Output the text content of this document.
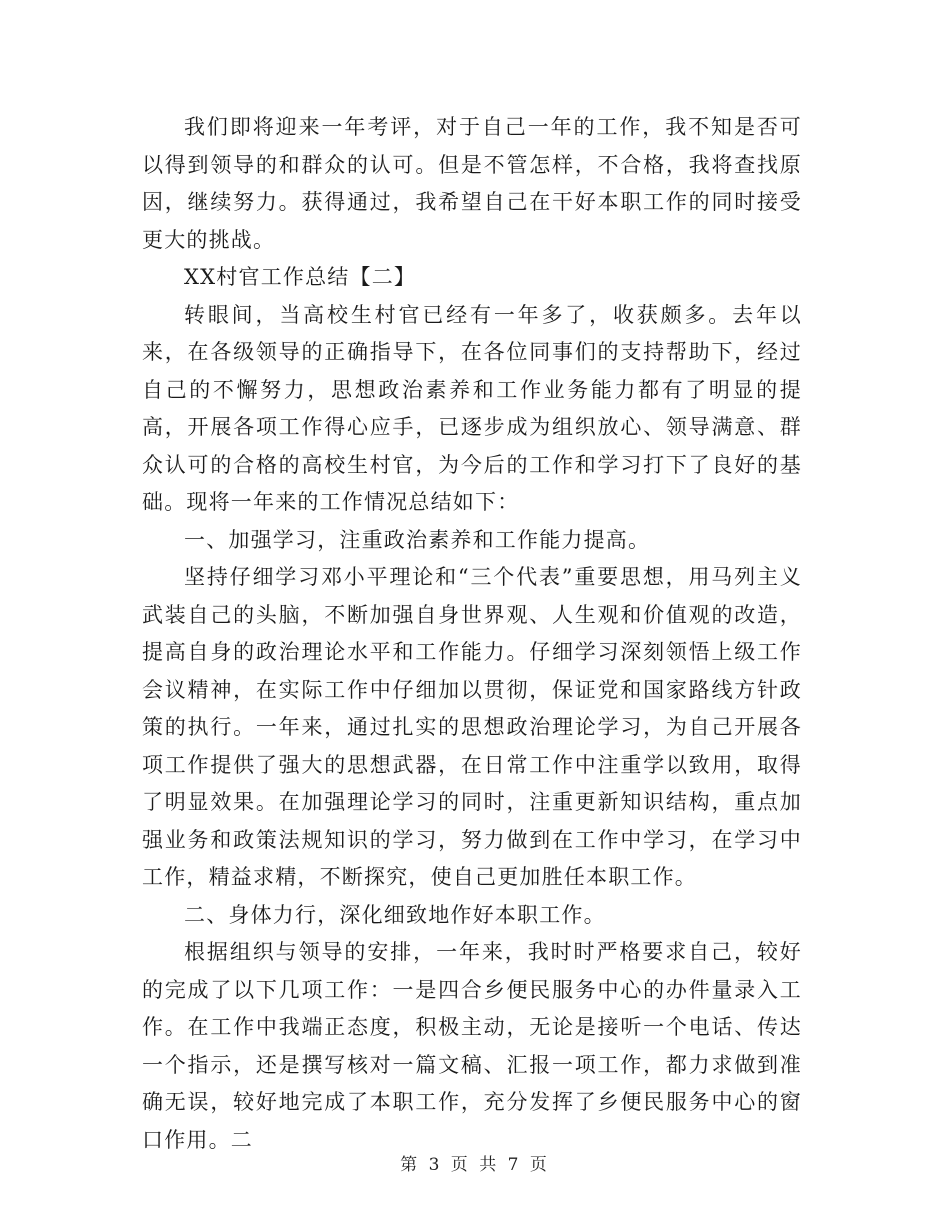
我们即将迎来一年考评，对于自己一年的工作，我不知是否可以得到领导的和群众的认可。但是不管怎样，不合格，我将查找原因，继续努力。获得通过，我希望自己在干好本职工作的同时接受更大的挑战。

XX村官工作总结【二】

转眼间，当高校生村官已经有一年多了，收获颇多。去年以来，在各级领导的正确指导下，在各位同事们的支持帮助下，经过自己的不懈努力，思想政治素养和工作业务能力都有了明显的提高，开展各项工作得心应手，已逐步成为组织放心、领导满意、群众认可的合格的高校生村官，为今后的工作和学习打下了良好的基础。现将一年来的工作情况总结如下：

一、加强学习，注重政治素养和工作能力提高。

坚持仔细学习邓小平理论和“三个代表”重要思想，用马列主义武装自己的头脑，不断加强自身世界观、人生观和价值观的改造，提高自身的政治理论水平和工作能力。仔细学习深刻领悟上级工作会议精神，在实际工作中仔细加以贯彻，保证党和国家路线方针政策的执行。一年来，通过扎实的思想政治理论学习，为自己开展各项工作提供了强大的思想武器，在日常工作中注重学以致用，取得了明显效果。在加强理论学习的同时，注重更新知识结构，重点加强业务和政策法规知识的学习，努力做到在工作中学习，在学习中工作，精益求精，不断探究，使自己更加胜任本职工作。

二、身体力行，深化细致地作好本职工作。

根据组织与领导的安排，一年来，我时时严格要求自己，较好的完成了以下几项工作：一是四合乡便民服务中心的办件量录入工作。在工作中我端正态度，积极主动，无论是接听一个电话、传达一个指示，还是撰写核对一篇文稿、汇报一项工作，都力求做到准确无误，较好地完成了本职工作，充分发挥了乡便民服务中心的窗口作用。二

第 3 页 共 7 页
